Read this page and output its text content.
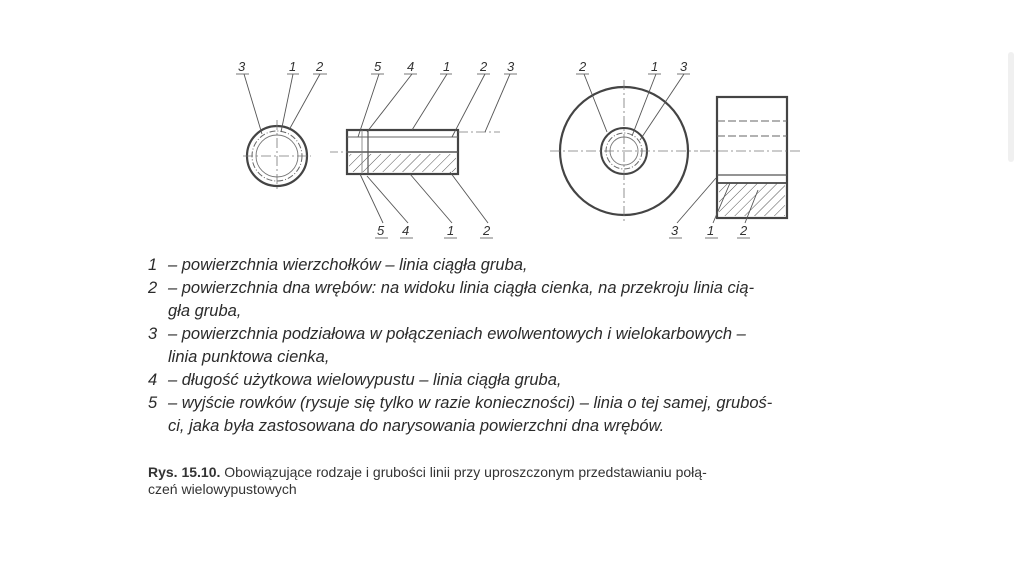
3	1 2	5 4 1 2 3
5 4	1 2
2	1 3
3 1 2
1 – powierzchnia wierzchołków – linia ciągła gruba,
2 – powierzchnia dna wrębów: na widoku linia ciągła cienka, na przekroju linia cią-
gła gruba,
3 – powierzchnia podziałowa w połączeniach ewolwentowych i wielokarbowych –
linia punktowa cienka,
4 – długość użytkowa wielowypustu – linia ciągła gruba,
5 – wyjście rowków (rysuje się tylko w razie konieczności) – linia o tej samej, gruboś-
ci, jaka była zastosowana do narysowania powierzchni dna wrębów.
Rys. 15.10. Obowiązujące rodzaje i grubości linii przy uproszczonym przedstawianiu połą-
czeń wielowypustowych
